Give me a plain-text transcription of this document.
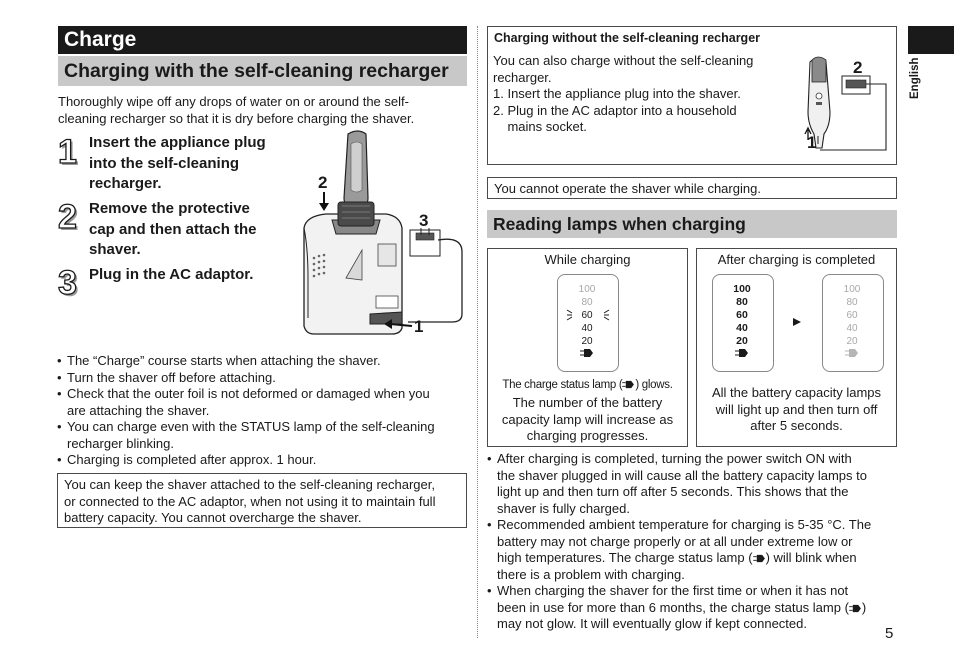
Charge
Charging with the self-cleaning recharger
Thoroughly wipe off any drops of water on or around the self-
cleaning recharger so that it is dry before charging the shaver.
1 Insert the appliance plug
into the self-cleaning
recharger.
2 Remove the protective
cap and then attach the
shaver.
3 Plug in the AC adaptor.
2
3
1
• The “Charge” course starts when attaching the shaver.
• Turn the shaver off before attaching.
• Check that the outer foil is not deformed or damaged when you
are attaching the shaver.
• You can charge even with the STATUS lamp of the self-cleaning
recharger blinking.
• Charging is completed after approx. 1 hour.
You can keep the shaver attached to the self-cleaning recharger,
or connected to the AC adaptor, when not using it to maintain full
battery capacity. You cannot overcharge the shaver.
Charging without the self-cleaning recharger
You can also charge without the self-cleaning
recharger.
1. Insert the appliance plug into the shaver.
2. Plug in the AC adaptor into a household
mains socket.
2
1
You cannot operate the shaver while charging.
Reading lamps when charging
While charging
100
80
60
40
20
The charge status lamp ( ) glows.
The number of the battery
capacity lamp will increase as
charging progresses.
After charging is completed
100
80
60
40
20
100
80
60
40
20
All the battery capacity lamps
will light up and then turn off
after 5 seconds.
• After charging is completed, turning the power switch ON with
the shaver plugged in will cause all the battery capacity lamps to
light up and then turn off after 5 seconds. This shows that the
shaver is fully charged.
• Recommended ambient temperature for charging is 5-35 °C. The
battery may not charge properly or at all under extreme low or
high temperatures. The charge status lamp ( ) will blink when
there is a problem with charging.
• When charging the shaver for the first time or when it has not
been in use for more than 6 months, the charge status lamp ( )
may not glow. It will eventually glow if kept connected.
English
5
